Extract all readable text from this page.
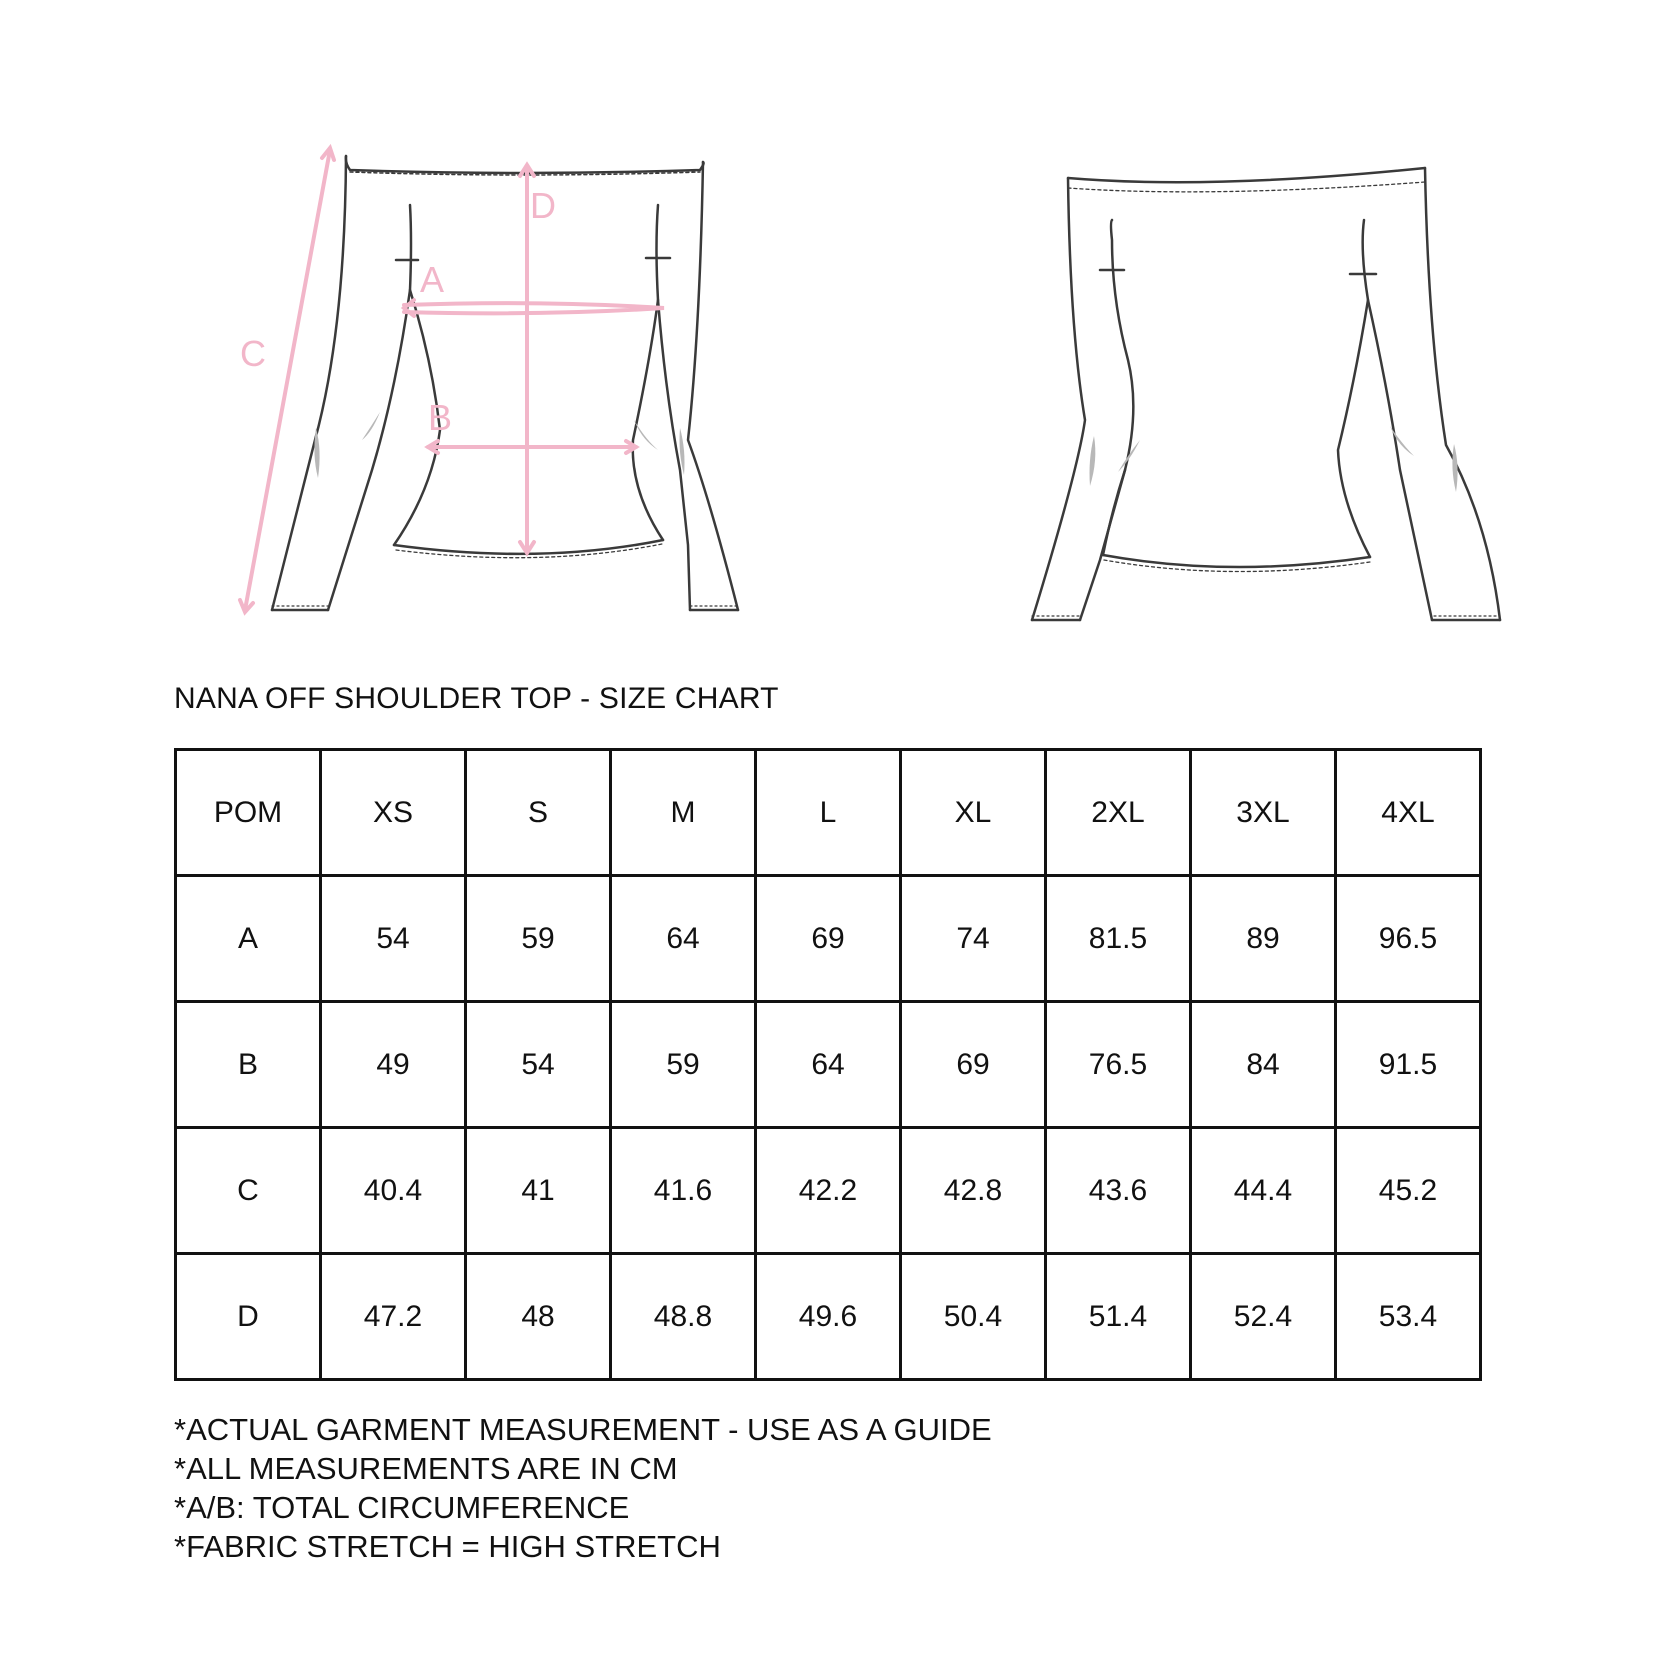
A
B
C
D
NANA OFF SHOULDER TOP - SIZE CHART
POM	XS	S	M	L	XL	2XL	3XL	4XL
A	54	59	64	69	74	81.5	89	96.5
B	49	54	59	64	69	76.5	84	91.5
C	40.4	41	41.6	42.2	42.8	43.6	44.4	45.2
D	47.2	48	48.8	49.6	50.4	51.4	52.4	53.4
*ACTUAL GARMENT MEASUREMENT - USE AS A GUIDE
*ALL MEASUREMENTS ARE IN CM
*A/B: TOTAL CIRCUMFERENCE
*FABRIC STRETCH = HIGH STRETCH
